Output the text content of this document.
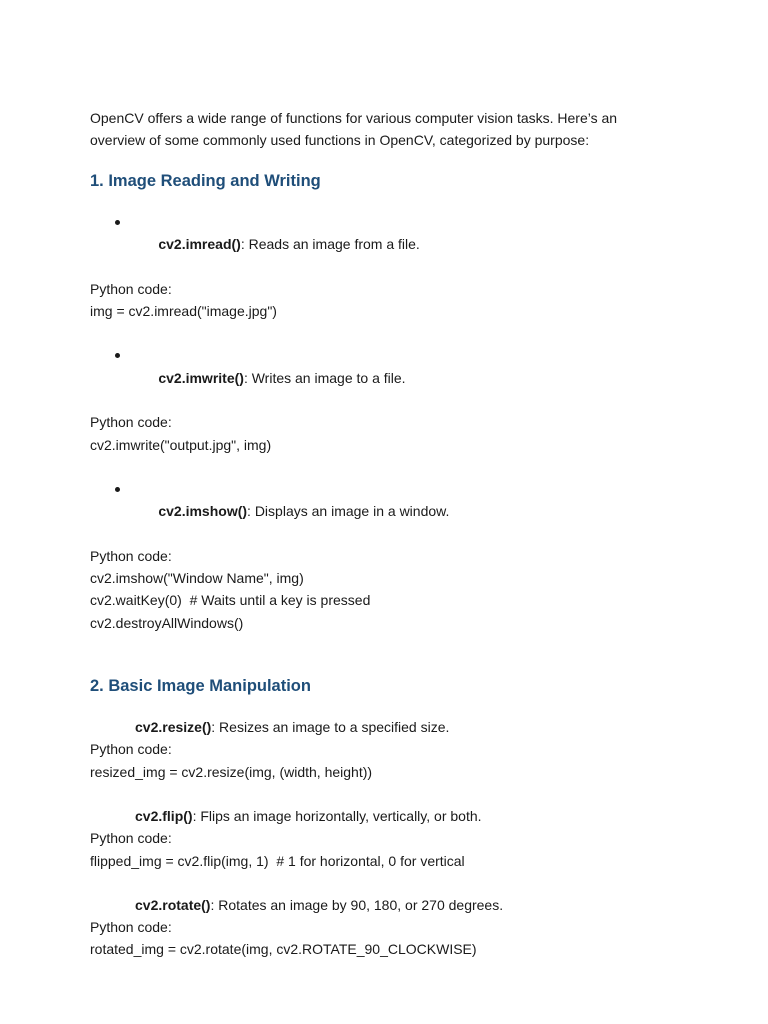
OpenCV offers a wide range of functions for various computer vision tasks. Here’s an
overview of some commonly used functions in OpenCV, categorized by purpose:

1. Image Reading and Writing

cv2.imread(): Reads an image from a file.

Python code:
img = cv2.imread("image.jpg")

cv2.imwrite(): Writes an image to a file.

Python code:
cv2.imwrite("output.jpg", img)

cv2.imshow(): Displays an image in a window.

Python code:
cv2.imshow("Window Name", img)
cv2.waitKey(0)  # Waits until a key is pressed
cv2.destroyAllWindows()
2. Basic Image Manipulation
cv2.resize(): Resizes an image to a specified size.
Python code:
resized_img = cv2.resize(img, (width, height))
cv2.flip(): Flips an image horizontally, vertically, or both.
Python code:
flipped_img = cv2.flip(img, 1)  # 1 for horizontal, 0 for vertical
cv2.rotate(): Rotates an image by 90, 180, or 270 degrees.
Python code:
rotated_img = cv2.rotate(img, cv2.ROTATE_90_CLOCKWISE)
